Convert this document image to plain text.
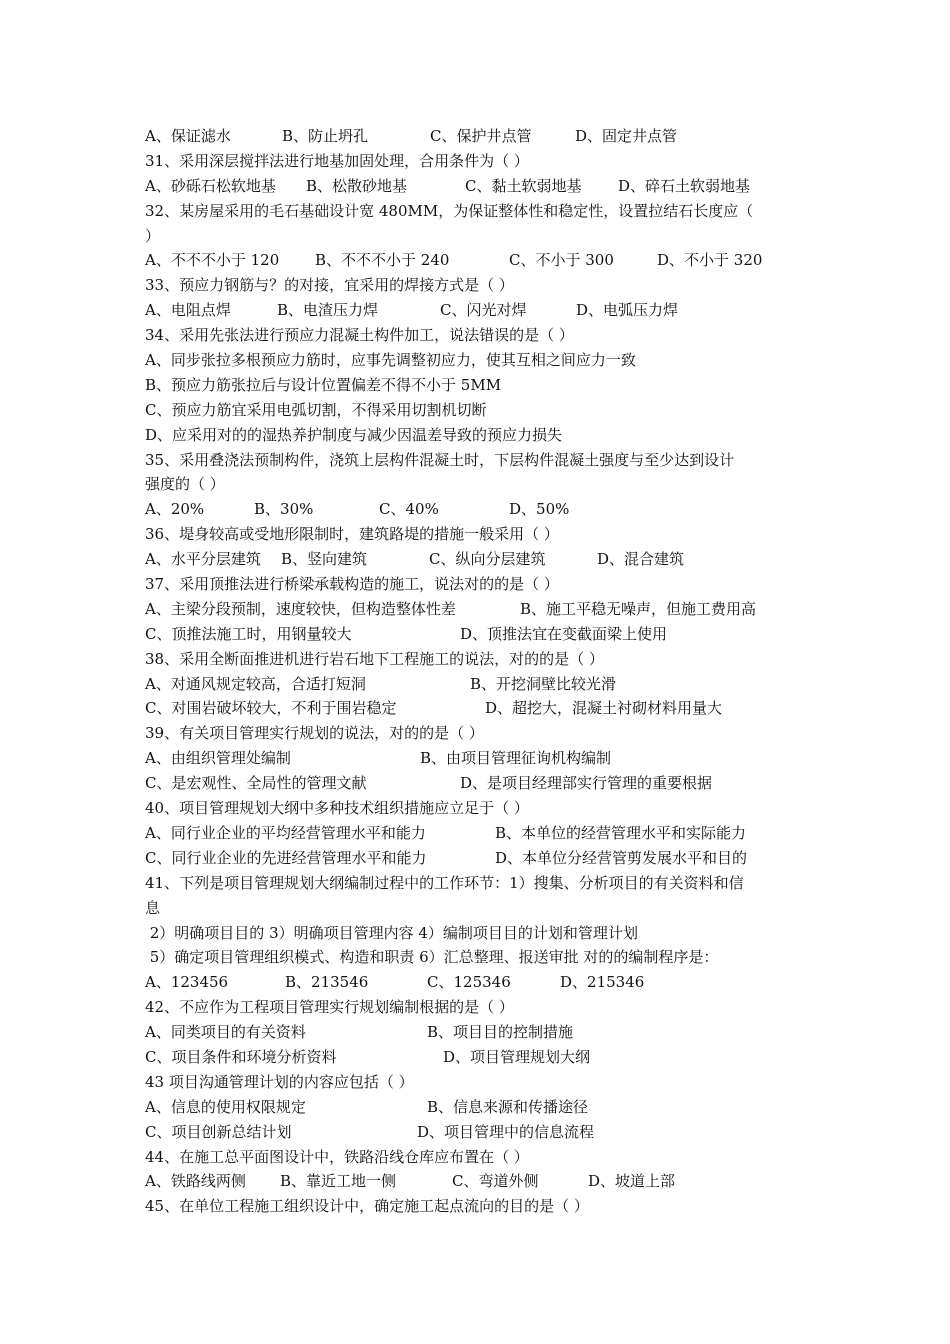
A、保证滤水	B、防止坍孔	C、保护井点管	D、固定井点管
31、采用深层搅拌法进行地基加固处理，合用条件为（ ）
A、砂砾石松软地基 B、松散砂地基	C、黏土软弱地基 D、碎石土软弱地基
32、某房屋采用的毛石基础设计宽 480MM，为保证整体性和稳定性，设置拉结石长度应（
）
A、不不不小于 120 B、不不不小于 240	C、不小于 300	D、不小于 320
33、预应力钢筋与？的对接，宜采用的焊接方式是（ ）
A、电阻点焊	B、电渣压力焊	C、闪光对焊	D、电弧压力焊
34、采用先张法进行预应力混凝土构件加工，说法错误的是（ ）
A、同步张拉多根预应力筋时，应事先调整初应力，使其互相之间应力一致
B、预应力筋张拉后与设计位置偏差不得不小于 5MM
C、预应力筋宜采用电弧切割，不得采用切割机切断
D、应采用对的的湿热养护制度与减少因温差导致的预应力损失
35、采用叠浇法预制构件，浇筑上层构件混凝土时，下层构件混凝土强度与至少达到设计
强度的（ ）
A、20%	B、30%	C、40%	D、50%
36、堤身较高或受地形限制时，建筑路堤的措施一般采用（ ）
A、水平分层建筑 B、竖向建筑	C、纵向分层建筑	D、混合建筑
37、采用顶推法进行桥梁承载构造的施工，说法对的的是（ ）
A、主梁分段预制，速度较快，但构造整体性差	B、施工平稳无噪声，但施工费用高
C、顶推法施工时，用钢量较大	D、顶推法宜在变截面梁上使用
38、采用全断面推进机进行岩石地下工程施工的说法，对的的是（ ）
A、对通风规定较高，合适打短洞	B、开挖洞壁比较光滑
C、对围岩破坏较大，不利于围岩稳定	D、超挖大，混凝土衬砌材料用量大
39、有关项目管理实行规划的说法，对的的是（ ）
A、由组织管理处编制	B、由项目管理征询机构编制
C、是宏观性、全局性的管理文献	D、是项目经理部实行管理的重要根据
40、项目管理规划大纲中多种技术组织措施应立足于（ ）
A、同行业企业的平均经营管理水平和能力	B、本单位的经营管理水平和实际能力
C、同行业企业的先进经营管理水平和能力	D、本单位分经营管剪发展水平和目的
41、下列是项目管理规划大纲编制过程中的工作环节：1）搜集、分析项目的有关资料和信
息
2）明确项目目的 3）明确项目管理内容 4）编制项目目的计划和管理计划
5）确定项目管理组织模式、构造和职责 6）汇总整理、报送审批 对的的编制程序是：
A、123456	B、213546	C、125346	D、215346
42、不应作为工程项目管理实行规划编制根据的是（ ）
A、同类项目的有关资料	B、项目目的控制措施
C、项目条件和环境分析资料	D、项目管理规划大纲
43 项目沟通管理计划的内容应包括（ ）
A、信息的使用权限规定	B、信息来源和传播途径
C、项目创新总结计划	D、项目管理中的信息流程
44、在施工总平面图设计中，铁路沿线仓库应布置在（ ）
A、铁路线两侧 B、靠近工地一侧	C、弯道外侧	D、坡道上部
45、在单位工程施工组织设计中，确定施工起点流向的目的是（ ）
